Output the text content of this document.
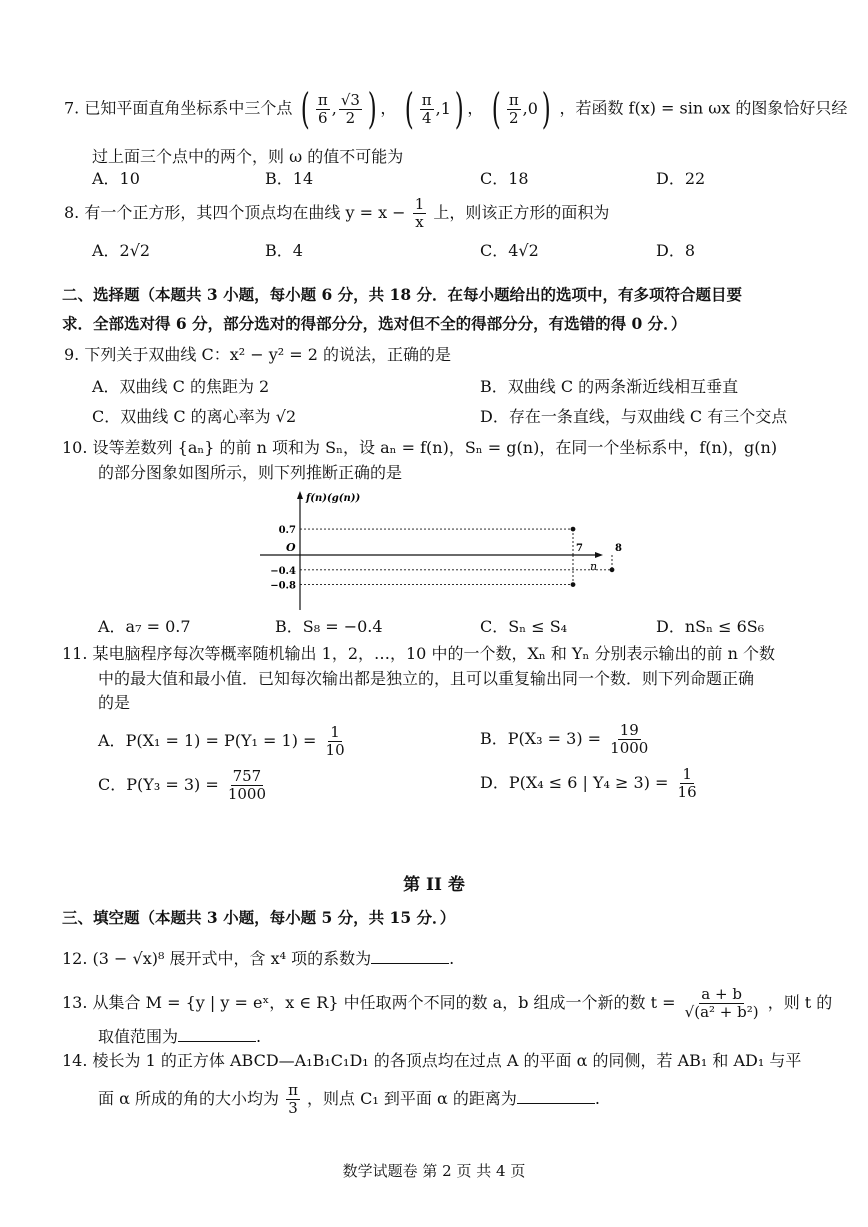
7. 已知平面直角坐标系中三个点 ( $\frac{\pi}{6}$ , $\frac{√3}{2}$ ) ， ( $\frac{\pi}{4}$ , 1 ) ， ( $\frac{\pi}{2}$ , 0 ) ，若函数 f(x) = sin ωx 的图象恰好只经
过上面三个点中的两个，则 ω 的值不可能为
A．10	B．14	C．18	D．22
8. 有一个正方形，其四个顶点均在曲线 $y = x - \frac{1}{x}$ 上，则该正方形的面积为
A．2√2	B．4	C．4√2	D．8
二、选择题（本题共 3 小题，每小题 6 分，共 18 分．在每小题给出的选项中，有多项符合题目要
求．全部选对得 6 分，部分选对的得部分分，选对但不全的得部分分，有选错的得 0 分．）
9. 下列关于双曲线 C：x² − y² = 2 的说法，正确的是
A．双曲线 C 的焦距为 2	B．双曲线 C 的两条渐近线相互垂直
C．双曲线 C 的离心率为 √2	D．存在一条直线，与双曲线 C 有三个交点
10. 设等差数列 {aₙ} 的前 n 项和为 Sₙ，设 aₙ = f(n)，Sₙ = g(n)，在同一个坐标系中，f(n)，g(n)
的部分图象如图所示，则下列推断正确的是
f(n)(g(n))
n
O
0.7
−0.4
−0.8
7	8
A．a₇ = 0.7	B．S₈ = −0.4	C．Sₙ ≤ S₄	D．nSₙ ≤ 6S₆
11. 某电脑程序每次等概率随机输出 1，2，…，10 中的一个数，Xₙ 和 Yₙ 分别表示输出的前 n 个数
中的最大值和最小值．已知每次输出都是独立的，且可以重复输出同一个数．则下列命题正确
的是
A．$P(X_1 = 1) = P(Y_1 = 1) = \frac{1}{10}$	B．$P(X_3 = 3) = \frac{19}{1000}$
C．$P(Y_3 = 3) = \frac{757}{1000}$	D．P(X₄ ≤ 6 | $Y_4 \ge 3) = \frac{1}{16}$
第 II 卷
三、填空题（本题共 3 小题，每小题 5 分，共 15 分．）
12. (3 − √x)⁸ 展开式中，含 x⁴ 项的系数为	.
13. 从集合 M = {y | y = eˣ，x ∈ R} 中任取两个不同的数 a，b 组成一个新的数 $t = \frac{a + b}{\text{√(a² + b²)}}$ ，则 t 的
取值范围为	.
14. 棱长为 1 的正方体 ABCD—A₁B₁C₁D₁ 的各顶点均在过点 A 的平面 α 的同侧，若 AB₁ 和 AD₁ 与平
面 α 所成的角的大小均为 $\frac{\pi}{3}$ ，则点 C₁ 到平面 α 的距离为	.
数学试题卷 第 2 页 共 4 页
